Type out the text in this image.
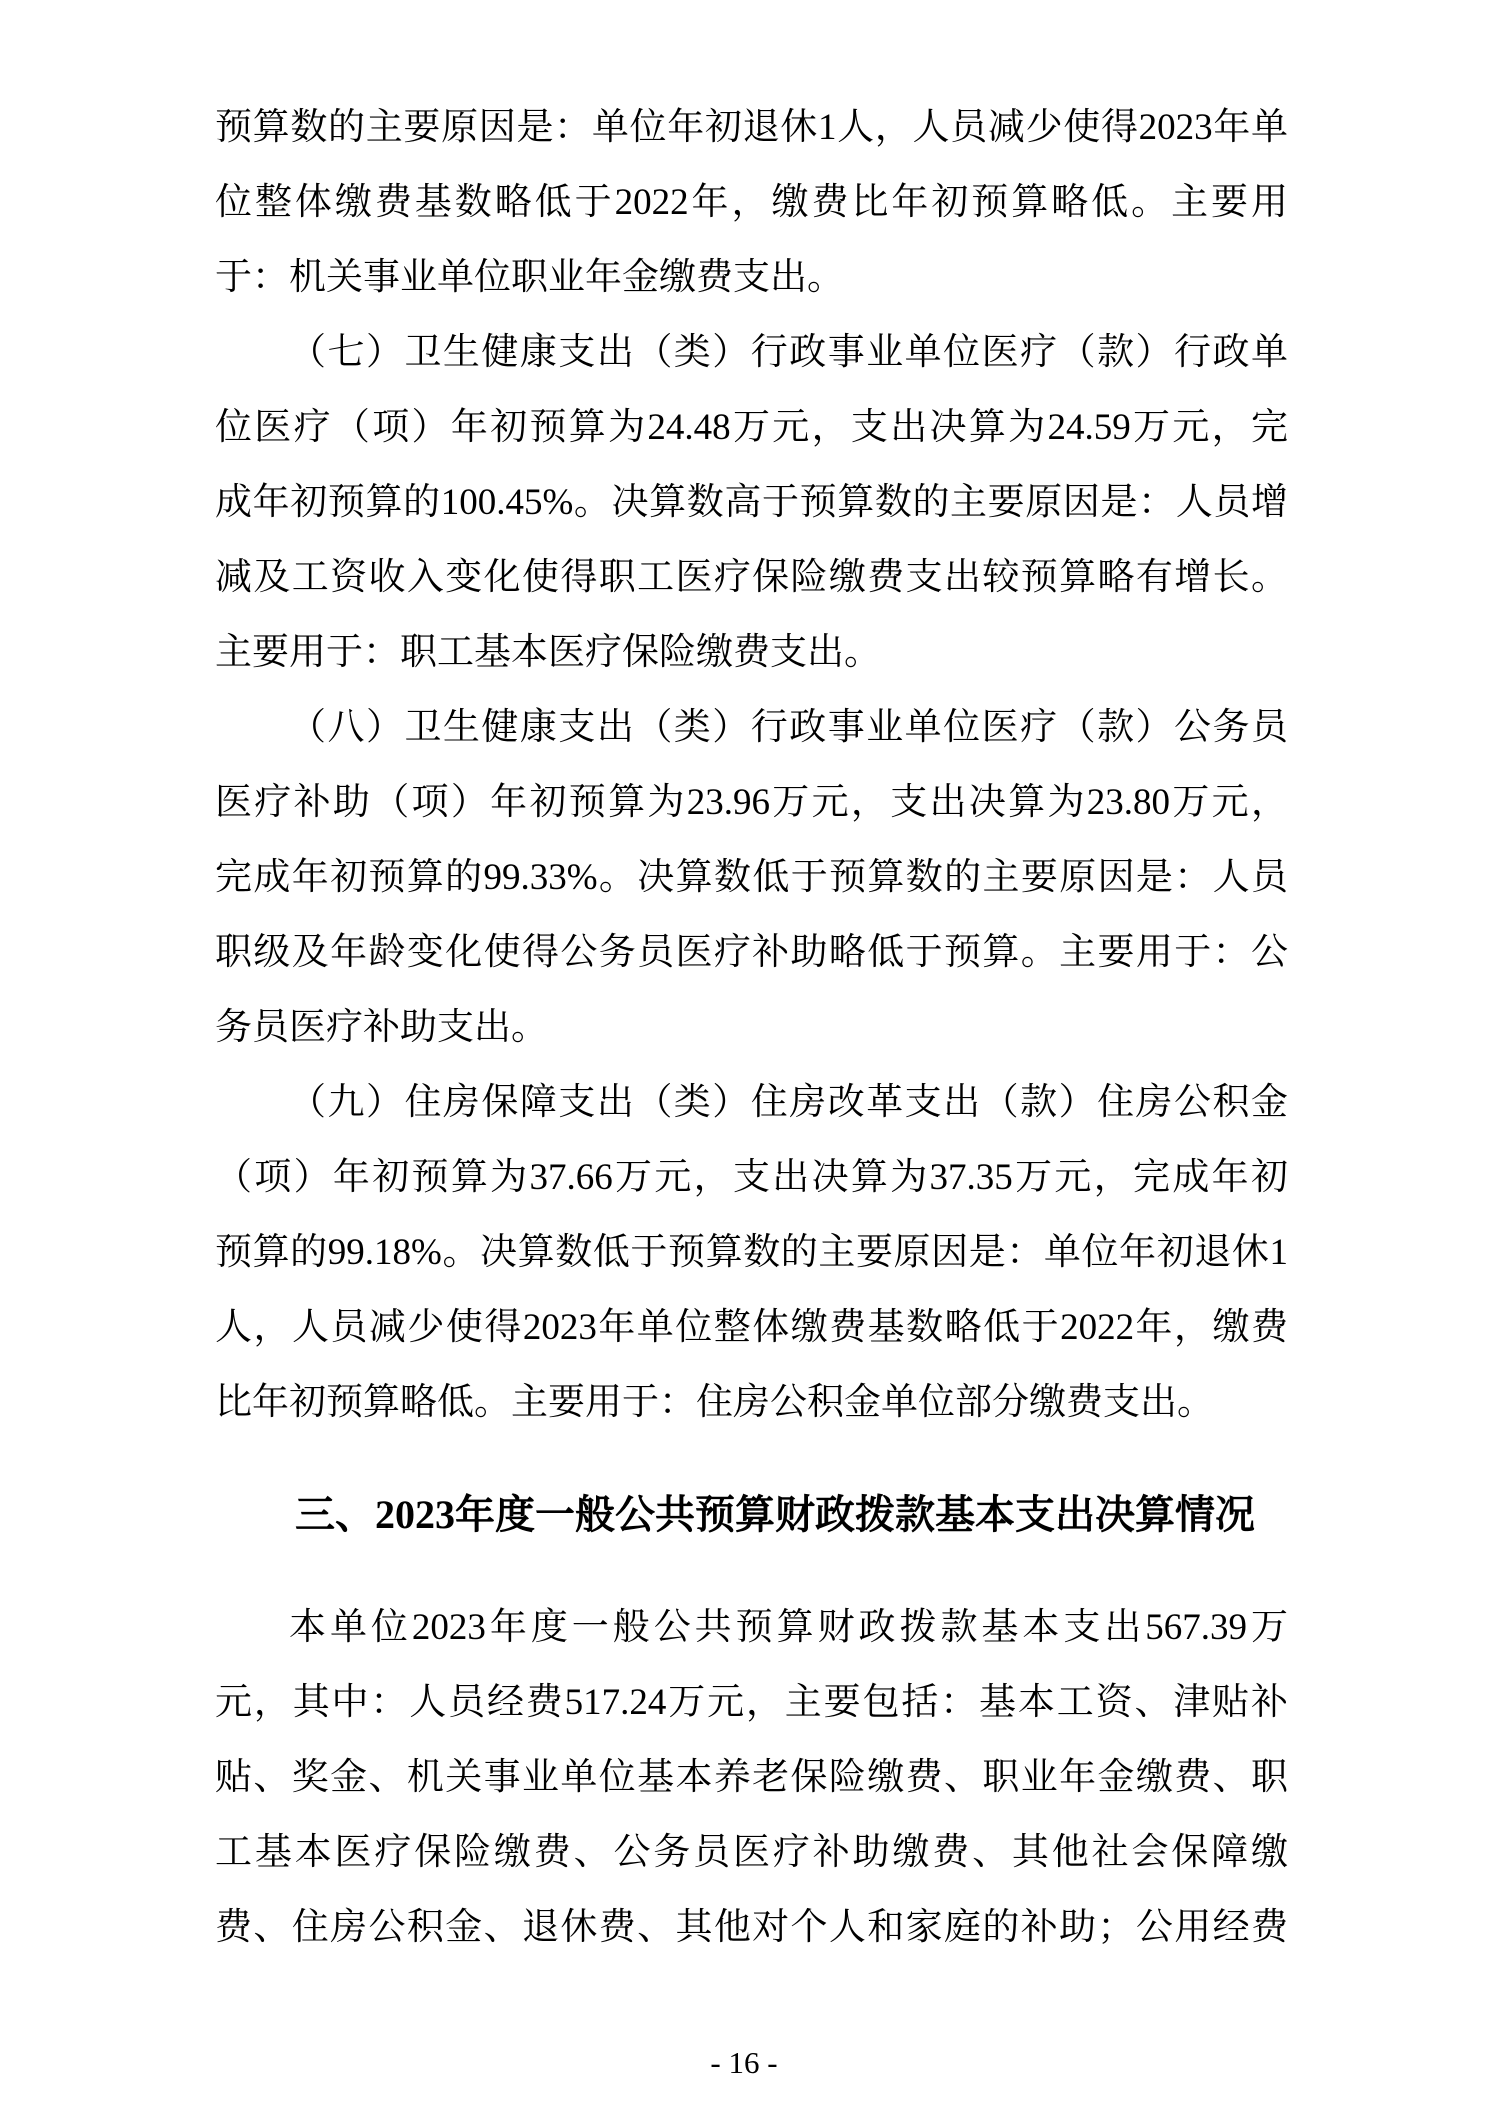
预算数的主要原因是：单位年初退休1人，人员减少使得2023年单
位整体缴费基数略低于2022年，缴费比年初预算略低。主要用
于：机关事业单位职业年金缴费支出。
（七）卫生健康支出（类）行政事业单位医疗（款）行政单
位医疗（项）年初预算为24.48万元，支出决算为24.59万元，完
成年初预算的100.45%。决算数高于预算数的主要原因是：人员增
减及工资收入变化使得职工医疗保险缴费支出较预算略有增长。
主要用于：职工基本医疗保险缴费支出。
（八）卫生健康支出（类）行政事业单位医疗（款）公务员
医疗补助（项）年初预算为23.96万元，支出决算为23.80万元，
完成年初预算的99.33%。决算数低于预算数的主要原因是：人员
职级及年龄变化使得公务员医疗补助略低于预算。主要用于：公
务员医疗补助支出。
（九）住房保障支出（类）住房改革支出（款）住房公积金
（项）年初预算为37.66万元，支出决算为37.35万元，完成年初
预算的99.18%。决算数低于预算数的主要原因是：单位年初退休1
人，人员减少使得2023年单位整体缴费基数略低于2022年，缴费
比年初预算略低。主要用于：住房公积金单位部分缴费支出。
三、2023年度一般公共预算财政拨款基本支出决算情况
本单位2023年度一般公共预算财政拨款基本支出567.39万
元，其中：人员经费517.24万元，主要包括：基本工资、津贴补
贴、奖金、机关事业单位基本养老保险缴费、职业年金缴费、职
工基本医疗保险缴费、公务员医疗补助缴费、其他社会保障缴
费、住房公积金、退休费、其他对个人和家庭的补助；公用经费
- 16 -
